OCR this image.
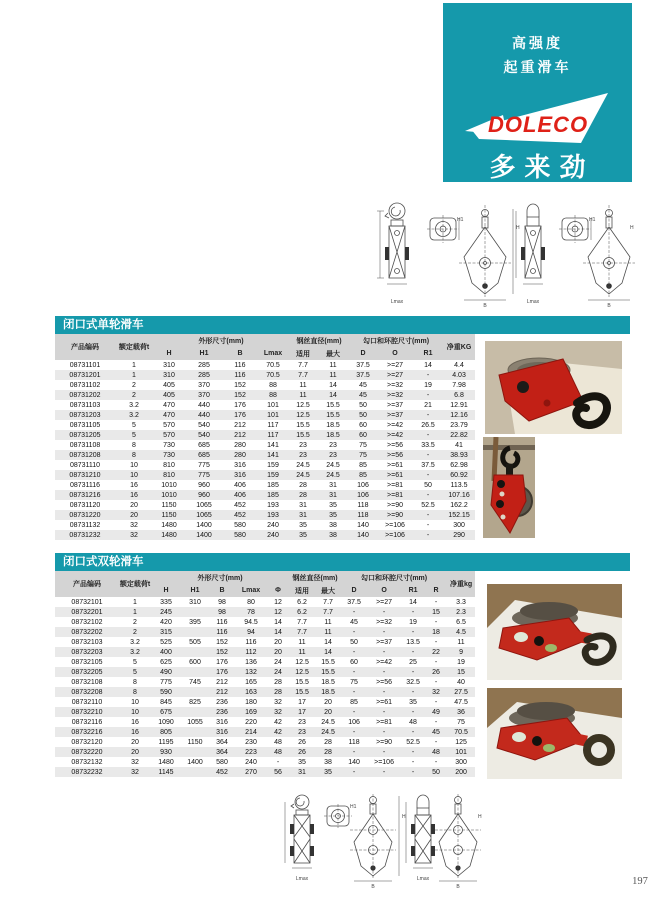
高强度
起重滑车
DOLECO
多来劲
Lmax
H1
H
B
Lmax
H1
H
B
闭口式单轮滑车
产品编码	额定载荷t	外形尺寸(mm)				钢丝直径(mm)		勾口和环腔尺寸(mm)			净重KG
		H	H1	B	Lmax	适用	最大	D	O	R1	
08731101	1	310	285	116	70.5	7.7	11	37.5	>=27	14	4.4
08731201	1	310	285	116	70.5	7.7	11	37.5	>=27	-	4.03
08731102	2	405	370	152	88	11	14	45	>=32	19	7.98
08731202	2	405	370	152	88	11	14	45	>=32	-	6.8
08731103	3.2	470	440	176	101	12.5	15.5	50	>=37	21	12.91
08731203	3.2	470	440	176	101	12.5	15.5	50	>=37	-	12.16
08731105	5	570	540	212	117	15.5	18.5	60	>=42	26.5	23.79
08731205	5	570	540	212	117	15.5	18.5	60	>=42	-	22.82
08731108	8	730	685	280	141	23	23	75	>=56	33.5	41
08731208	8	730	685	280	141	23	23	75	>=56	-	38.93
08731110	10	810	775	316	159	24.5	24.5	85	>=61	37.5	62.98
08731210	10	810	775	316	159	24.5	24.5	85	>=61	-	60.92
08731116	16	1010	960	406	185	28	31	106	>=81	50	113.5
08731216	16	1010	960	406	185	28	31	106	>=81	-	107.16
08731120	20	1150	1065	452	193	31	35	118	>=90	52.5	162.2
08731220	20	1150	1065	452	193	31	35	118	>=90	-	152.15
08731132	32	1480	1400	580	240	35	38	140	>=106	-	300
08731232	32	1480	1400	580	240	35	38	140	>=106	-	290
闭口式双轮滑车
产品编码	额定载荷t	外形尺寸(mm)					钢丝直径(mm)		勾口和环腔尺寸(mm)				净重kg
		H	H1	B	Lmax	Φ	适用	最大	D	O	R1	R	
08732101	1	335	310	98	80	12	6.2	7.7	37.5	>=27	14	-	3.3
08732201	1	245		98	78	12	6.2	7.7	-	-	-	15	2.3
08732102	2	420	395	116	94.5	14	7.7	11	45	>=32	19	-	6.5
08732202	2	315		116	94	14	7.7	11	-	-	-	18	4.5
08732103	3.2	525	505	152	116	20	11	14	50	>=37	13.5	-	11
08732203	3.2	400		152	112	20	11	14	-	-	-	22	9
08732105	5	625	600	176	136	24	12.5	15.5	60	>=42	25	-	19
08732205	5	490		176	132	24	12.5	15.5	-	-	-	26	15
08732108	8	775	745	212	165	28	15.5	18.5	75	>=56	32.5	-	40
08732208	8	590		212	163	28	15.5	18.5	-	-	-	32	27.5
08732110	10	845	825	236	180	32	17	20	85	>=61	35	-	47.5
08732210	10	675		236	169	32	17	20	-	-	-	49	36
08732116	16	1090	1055	316	220	42	23	24.5	106	>=81	48	-	75
08732216	16	805		316	214	42	23	24.5	-	-	-	45	70.5
08732120	20	1195	1150	364	230	48	26	28	118	>=90	52.5	-	125
08732220	20	930		364	223	48	26	28	-	-	-	48	101
08732132	32	1480	1400	580	240	-	35	38	140	>=106	-	-	300
08732232	32	1145		452	270	56	31	35	-	-	-	50	200
Lmax
H1
H
B
Lmax
H
B	197
